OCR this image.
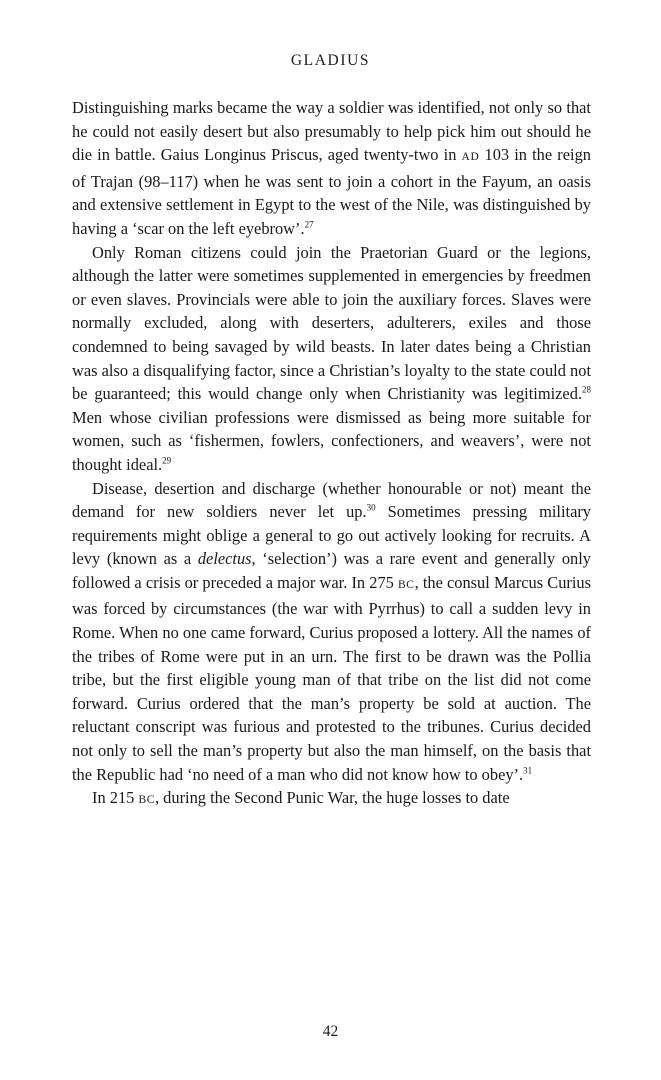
GLADIUS

Distinguishing marks became the way a soldier was identified, not only so that he could not easily desert but also presumably to help pick him out should he die in battle. Gaius Longinus Priscus, aged twenty-two in AD 103 in the reign of Trajan (98–117) when he was sent to join a cohort in the Fayum, an oasis and extensive settlement in Egypt to the west of the Nile, was distinguished by having a ‘scar on the left eyebrow’.$^{27}$

Only Roman citizens could join the Praetorian Guard or the legions, although the latter were sometimes supplemented in emergencies by freedmen or even slaves. Provincials were able to join the auxiliary forces. Slaves were normally excluded, along with deserters, adulterers, exiles and those condemned to being savaged by wild beasts. In later dates being a Christian was also a disqualifying factor, since a Christian’s loyalty to the state could not be guaranteed; this would change only when Christianity was legitimized.$^{28}$ Men whose civilian professions were dismissed as being more suitable for women, such as ‘fishermen, fowlers, confectioners, and weavers’, were not thought ideal.$^{29}$

Disease, desertion and discharge (whether honourable or not) meant the demand for new soldiers never let up.$^{30}$ Sometimes pressing military requirements might oblige a general to go out actively looking for recruits. A levy (known as a delectus, ‘selection’) was a rare event and generally only followed a crisis or preceded a major war. In 275 BC, the consul Marcus Curius was forced by circumstances (the war with Pyrrhus) to call a sudden levy in Rome. When no one came forward, Curius proposed a lottery. All the names of the tribes of Rome were put in an urn. The first to be drawn was the Pollia tribe, but the first eligible young man of that tribe on the list did not come forward. Curius ordered that the man’s property be sold at auction. The reluctant conscript was furious and protested to the tribunes. Curius decided not only to sell the man’s property but also the man himself, on the basis that the Republic had ‘no need of a man who did not know how to obey’.$^{31}$

In 215 BC, during the Second Punic War, the huge losses to date

42
